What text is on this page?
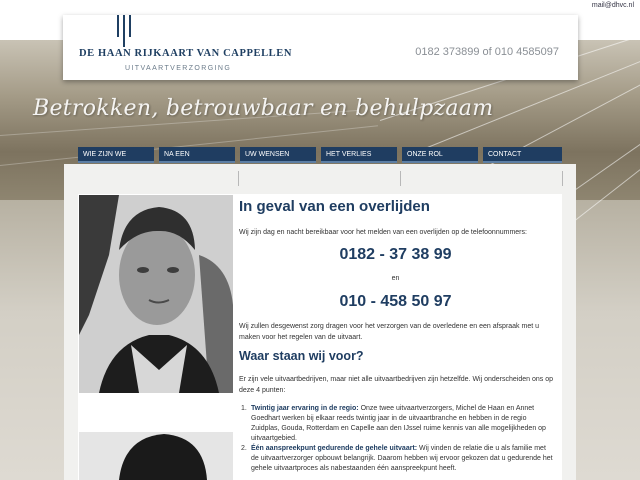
mail@dhvc.nl
DE HAAN RIJKAART VAN CAPPELLEN
UITVAARTVERZORGING
0182 373899 of 010 4585097
Betrokken, betrouwbaar en behulpzaam
WIE ZIJN WE	NA EEN	UW WENSEN	HET VERLIES	ONZE ROL	CONTACT
In geval van een overlijden
Wij zijn dag en nacht bereikbaar voor het melden van een overlijden op de telefoonnummers:
0182 - 37 38 99
en
010 - 458 50 97
Wij zullen desgewenst zorg dragen voor het verzorgen van de overledene en een afspraak met u maken voor het regelen van de uitvaart.
Waar staan wij voor?
Er zijn vele uitvaartbedrijven, maar niet alle uitvaartbedrijven zijn hetzelfde. Wij onderscheiden ons op deze 4 punten:
1. Twintig jaar ervaring in de regio: Onze twee uitvaartverzorgers, Michel de Haan en Annet Goedhart werken bij elkaar reeds twintig jaar in de uitvaartbranche en hebben in de regio Zuidplas, Gouda, Rotterdam en Capelle aan den IJssel ruime kennis van alle mogelijkheden op uitvaartgebied.
2. Één aanspreekpunt gedurende de gehele uitvaart: Wij vinden de relatie die u als familie met de uitvaartverzorger opbouwt belangrijk. Daarom hebben wij ervoor gekozen dat u gedurende het gehele uitvaartproces als nabestaanden één aanspreekpunt heeft.
